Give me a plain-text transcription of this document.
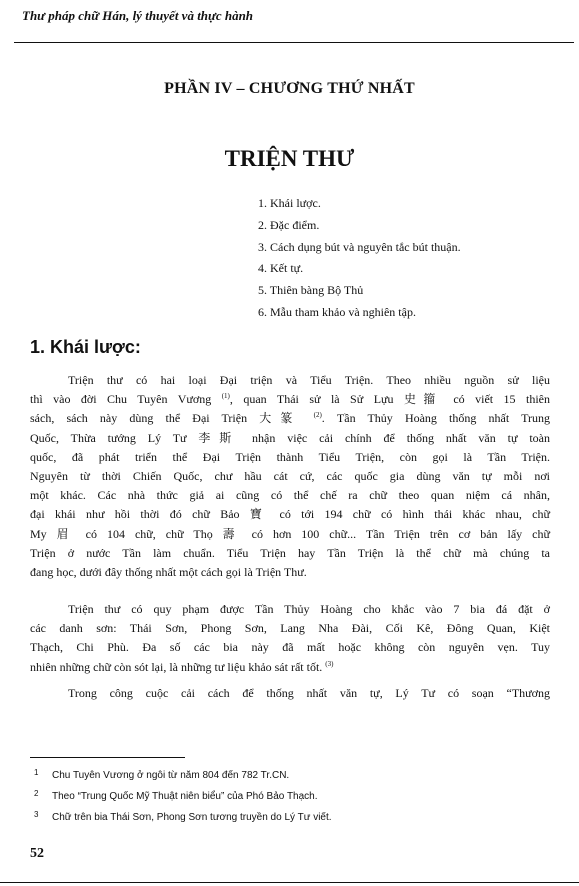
Thư pháp chữ Hán, lý thuyết và thực hành
PHẦN IV – CHƯƠNG THỨ NHẤT
TRIỆN THƯ
1. Khái lược.
2. Đặc điểm.
3. Cách dụng bút và nguyên tắc bút thuận.
4. Kết tự.
5. Thiên bàng Bộ Thủ
6. Mẫu tham khảo và nghiên tập.
1. Khái lược:
Triện thư có hai loại Đại triện và Tiểu Triện. Theo nhiều nguồn sử liệu
thì vào đời Chu Tuyên Vương $^{(1)}$, quan Thái sử là Sử Lựu 史籀 có viết 15 thiên
sách, sách này dùng thể Đại Triện 大篆 $^{(2)}$. Tần Thủy Hoàng thống nhất Trung
Quốc, Thừa tướng Lý Tư 李斯 nhận việc cải chính để thống nhất văn tự toàn
quốc, đã phát triển thể Đại Triện thành Tiểu Triện, còn gọi là Tần Triện.
Nguyên từ thời Chiến Quốc, chư hầu cát cứ, các quốc gia dùng văn tự mỗi nơi
một khác. Các nhà thức giả ai cũng có thể chế ra chữ theo quan niệm cá nhân,
đại khái như hồi thời đó chữ Bảo 寶 có tới 194 chữ có hình thái khác nhau, chữ
My 眉 có 104 chữ, chữ Thọ 壽 có hơn 100 chữ... Tần Triện trên cơ bản lấy chữ
Triện ở nước Tần làm chuẩn. Tiểu Triện hay Tần Triện là thể chữ mà chúng ta
đang học, dưới đây thống nhất một cách gọi là Triện Thư.
Triện thư có quy phạm được Tần Thủy Hoàng cho khắc vào 7 bia đá đặt ở
các danh sơn: Thái Sơn, Phong Sơn, Lang Nha Đài, Cối Kê, Đông Quan, Kiệt
Thạch, Chi Phù. Đa số các bia này đã mất hoặc không còn nguyên vẹn. Tuy
nhiên những chữ còn sót lại, là những tư liệu khảo sát rất tốt. $^{(3)}$
Trong công cuộc cải cách để thống nhất văn tự, Lý Tư có soạn “Thương
1 Chu Tuyên Vương ở ngôi từ năm 804 đến 782 Tr.CN.
2 Theo “Trung Quốc Mỹ Thuật niên biểu” của Phó Bảo Thạch.
3 Chữ trên bia Thái Sơn, Phong Sơn tương truyền do Lý Tư viết.
52
